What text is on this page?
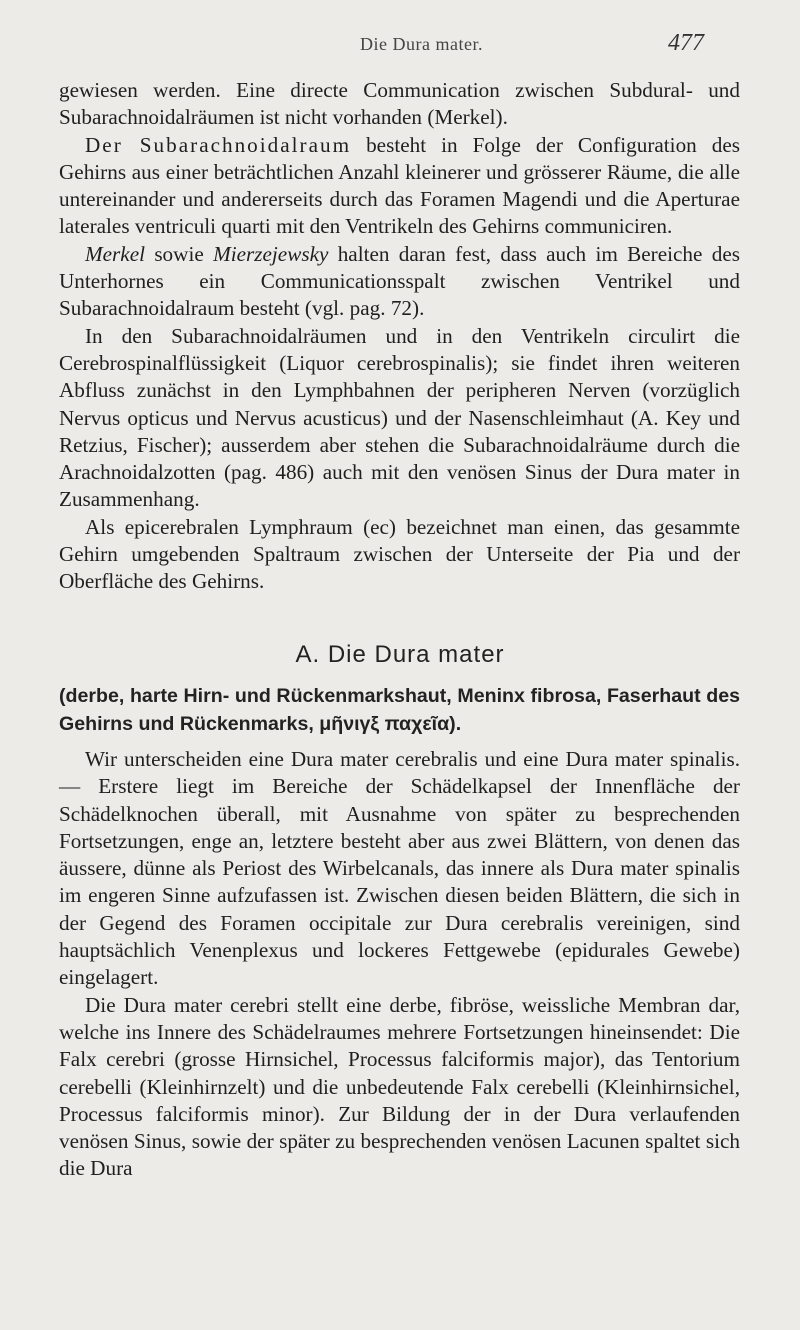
Die Dura mater.	477

gewiesen werden. Eine directe Communication zwischen Subdural- und Subarachnoidalräumen ist nicht vorhanden (Merkel).

Der Subarachnoidalraum besteht in Folge der Configuration des Gehirns aus einer beträchtlichen Anzahl kleinerer und grösserer Räume, die alle untereinander und andererseits durch das Foramen Magendi und die Aperturae laterales ventriculi quarti mit den Ventrikeln des Gehirns communiciren.

Merkel sowie Mierzejewsky halten daran fest, dass auch im Bereiche des Unterhornes ein Communicationsspalt zwischen Ventrikel und Subarachnoidalraum besteht (vgl. pag. 72).

In den Subarachnoidalräumen und in den Ventrikeln circulirt die Cerebrospinalflüssigkeit (Liquor cerebrospinalis); sie findet ihren weiteren Abfluss zunächst in den Lymphbahnen der peripheren Nerven (vorzüglich Nervus opticus und Nervus acusticus) und der Nasenschleimhaut (A. Key und Retzius, Fischer); ausserdem aber stehen die Subarachnoidalräume durch die Arachnoidalzotten (pag. 486) auch mit den venösen Sinus der Dura mater in Zusammenhang.

Als epicerebralen Lymphraum (ec) bezeichnet man einen, das gesammte Gehirn umgebenden Spaltraum zwischen der Unterseite der Pia und der Oberfläche des Gehirns.

A. Die Dura mater
(derbe, harte Hirn- und Rückenmarkshaut, Meninx fibrosa, Faserhaut des Gehirns und Rückenmarks, μῆνιγξ παχεῖα).

Wir unterscheiden eine Dura mater cerebralis und eine Dura mater spinalis. — Erstere liegt im Bereiche der Schädelkapsel der Innenfläche der Schädelknochen überall, mit Ausnahme von später zu besprechenden Fortsetzungen, enge an, letztere besteht aber aus zwei Blättern, von denen das äussere, dünne als Periost des Wirbelcanals, das innere als Dura mater spinalis im engeren Sinne aufzufassen ist. Zwischen diesen beiden Blättern, die sich in der Gegend des Foramen occipitale zur Dura cerebralis vereinigen, sind hauptsächlich Venenplexus und lockeres Fettgewebe (epidurales Gewebe) eingelagert.

Die Dura mater cerebri stellt eine derbe, fibröse, weissliche Membran dar, welche ins Innere des Schädelraumes mehrere Fortsetzungen hineinsendet: Die Falx cerebri (grosse Hirnsichel, Processus falciformis major), das Tentorium cerebelli (Kleinhirnzelt) und die unbedeutende Falx cerebelli (Kleinhirnsichel, Processus falciformis minor). Zur Bildung der in der Dura verlaufenden venösen Sinus, sowie der später zu besprechenden venösen Lacunen spaltet sich die Dura
